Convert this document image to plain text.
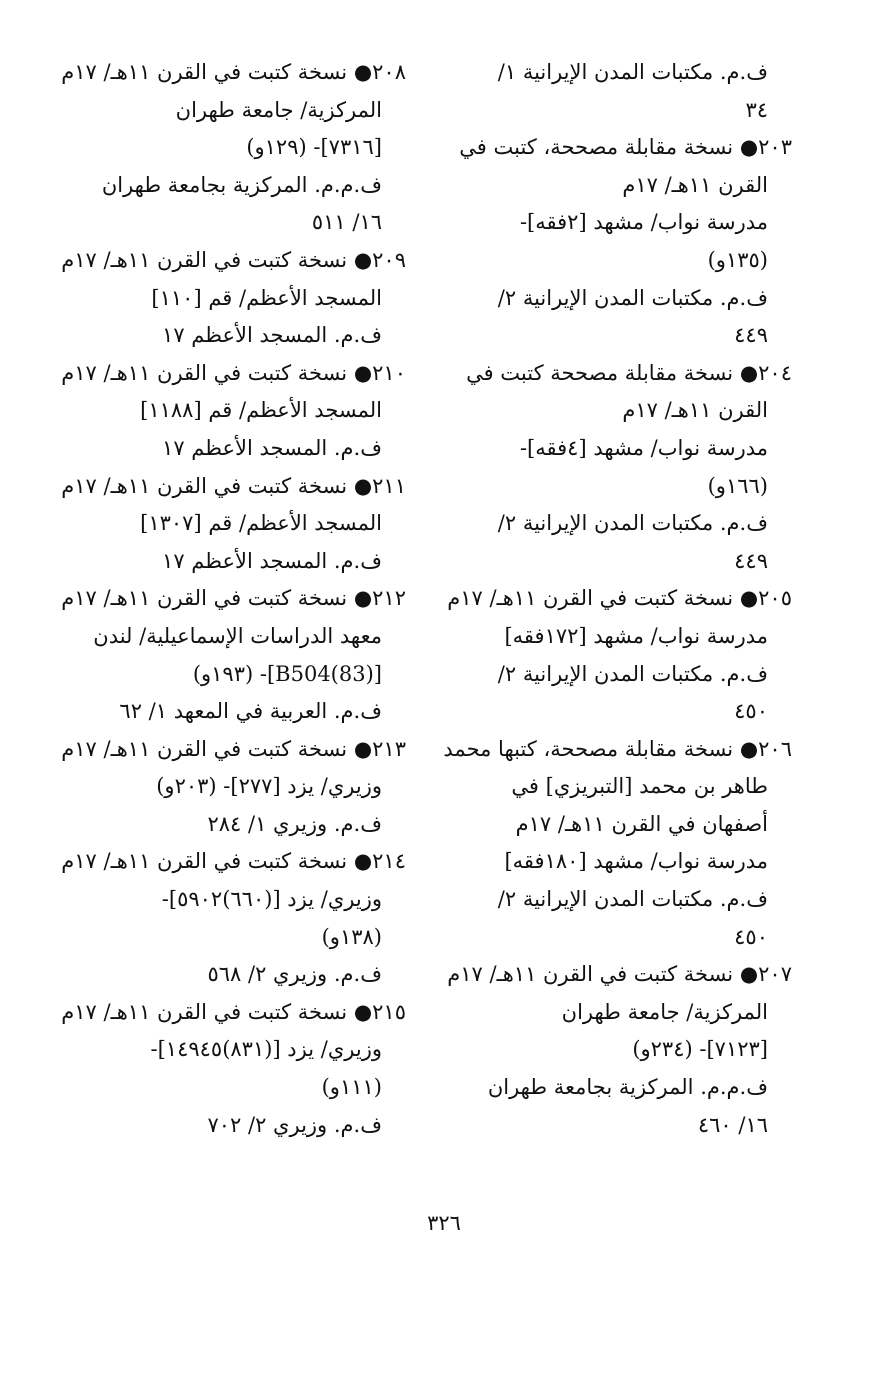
ف.م. مكتبات المدن الإيرانية ١/
٣٤
٢٠٣● نسخة مقابلة مصححة، كتبت في
القرن ١١هـ/ ١٧م
مدرسة نواب/ مشهد [٢فقه]-
(١٣٥و)
ف.م. مكتبات المدن الإيرانية ٢/
٤٤٩
٢٠٤● نسخة مقابلة مصححة كتبت في
القرن ١١هـ/ ١٧م
مدرسة نواب/ مشهد [٤فقه]-
(١٦٦و)
ف.م. مكتبات المدن الإيرانية ٢/
٤٤٩
٢٠٥● نسخة كتبت في القرن ١١هـ/ ١٧م
مدرسة نواب/ مشهد [١٧٢فقه]
ف.م. مكتبات المدن الإيرانية ٢/
٤٥٠
٢٠٦● نسخة مقابلة مصححة، كتبها محمد
طاهر بن محمد [التبريزي] في
أصفهان في القرن ١١هـ/ ١٧م
مدرسة نواب/ مشهد [١٨٠فقه]
ف.م. مكتبات المدن الإيرانية ٢/
٤٥٠
٢٠٧● نسخة كتبت في القرن ١١هـ/ ١٧م
المركزية/ جامعة طهران
[٧١٢٣]- (٢٣٤و)
ف.م.م. المركزية بجامعة طهران
١٦/ ٤٦٠
٢٠٨● نسخة كتبت في القرن ١١هـ/ ١٧م
المركزية/ جامعة طهران
[٧٣١٦]- (١٢٩و)
ف.م.م. المركزية بجامعة طهران
١٦/ ٥١١
٢٠٩● نسخة كتبت في القرن ١١هـ/ ١٧م
المسجد الأعظم/ قم [١١٠]
ف.م. المسجد الأعظم ١٧
٢١٠● نسخة كتبت في القرن ١١هـ/ ١٧م
المسجد الأعظم/ قم [١١٨٨]
ف.م. المسجد الأعظم ١٧
٢١١● نسخة كتبت في القرن ١١هـ/ ١٧م
المسجد الأعظم/ قم [١٣٠٧]
ف.م. المسجد الأعظم ١٧
٢١٢● نسخة كتبت في القرن ١١هـ/ ١٧م
معهد الدراسات الإسماعيلية/ لندن
[B504(83)]- (١٩٣و)
ف.م. العربية في المعهد ١/ ٦٢
٢١٣● نسخة كتبت في القرن ١١هـ/ ١٧م
وزيري/ يزد [٢٧٧]- (٢٠٣و)
ف.م. وزيري ١/ ٢٨٤
٢١٤● نسخة كتبت في القرن ١١هـ/ ١٧م
وزيري/ يزد [(٦٦٠)٥٩٠٢]-
(١٣٨و)
ف.م. وزيري ٢/ ٥٦٨
٢١٥● نسخة كتبت في القرن ١١هـ/ ١٧م
وزيري/ يزد [(٨٣١)١٤٩٤٥]-
(١١١و)
ف.م. وزيري ٢/ ٧٠٢
٣٢٦
